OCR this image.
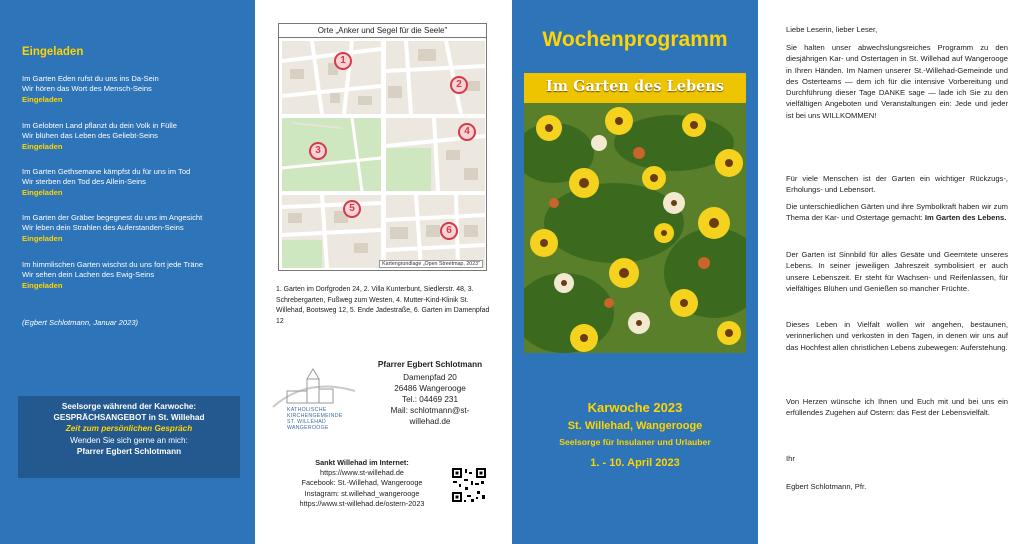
Eingeladen
Im Garten Eden rufst du uns ins Da-Sein
Wir hören das Wort des Mensch-Seins
Eingeladen
Im Gelobten Land pflanzt du dein Volk in Fülle
Wir blühen das Leben des Geliebt-Seins
Eingeladen
Im Garten Gethsemane kämpfst du für uns im Tod
Wir sterben den Tod des Allein-Seins
Eingeladen
Im Garten der Gräber begegnest du uns im Angesicht
Wir leben dein Strahlen des Auferstanden-Seins
Eingeladen
Im himmlischen Garten wischst du uns fort jede Träne
Wir sehen dein Lachen des Ewig-Seins
Eingeladen
(Egbert Schlotmann, Januar 2023)
Seelsorge während der Karwoche:
GESPRÄCHSANGEBOT in St. Willehad
Zeit zum persönlichen Gespräch
Wenden Sie sich gerne an mich:
Pfarrer Egbert Schlotmann
Orte „Anker und Segel für die Seele"
1
2
3
4
5
6
Kartengrundlage „Open Streetmap, 2023"
1. Garten im Dorfgroden 24, 2. Villa Kunterbunt, Siedlerstr. 48, 3. Schrebergarten, Fußweg zum Westen, 4. Mutter-Kind-Klinik St. Willehad, Bootsweg 12, 5. Ende Jadestraße, 6. Garten im Damenpfad 12
KATHOLISCHE
KIRCHENGEMEINDE
ST. WILLEHAD
WANGEROOGE
Pfarrer Egbert Schlotmann
Damenpfad 20
26486 Wangerooge
Tel.: 04469 231
Mail: schlotmann@st-
willehad.de
Sankt Willehad im Internet:
https://www.st-willehad.de
Facebook: St.-Willehad, Wangerooge
Instagram: st.willehad_wangerooge
https://www.st-willehad.de/ostern-2023
Wochenprogramm
Im Garten des Lebens
Karwoche 2023
St. Willehad, Wangerooge
Seelsorge für Insulaner und Urlauber
1. - 10. April 2023
Liebe Leserin, lieber Leser,
Sie halten unser abwechslungsreiches Programm zu den diesjährigen Kar- und Ostertagen in St. Willehad auf Wangerooge in Ihren Händen. Im Namen unserer St.-Willehad-Gemeinde und des Osterteams — dem ich für die intensive Vorbereitung und Durchführung dieser Tage DANKE sage — lade ich Sie zu den vielfältigen Angeboten und Veranstaltungen ein: Jede und jeder ist bei uns WILLKOMMEN!
Für viele Menschen ist der Garten ein wichtiger Rückzugs-, Erholungs- und Lebensort.
Die unterschiedlichen Gärten und ihre Symbolkraft haben wir zum Thema der Kar- und Ostertage gemacht: Im Garten des Lebens.
Der Garten ist Sinnbild für alles Gesäte und Geerntete unseres Lebens. In seiner jeweiligen Jahreszeit symbolisiert er auch unsere Lebenszeit. Er steht für Wachsen- und Reifenlassen, für vielfältiges Blühen und Genießen so mancher Früchte.
Dieses Leben in Vielfalt wollen wir angehen, bestaunen, verinnerlichen und verkosten in den Tagen, in denen wir uns auf das Hochfest allen christlichen Lebens zubewegen: Auferstehung.
Von Herzen wünsche ich Ihnen und Euch mit und bei uns ein erfüllendes Zugehen auf Ostern: das Fest der Lebensvielfalt.
Ihr
Egbert Schlotmann, Pfr.
